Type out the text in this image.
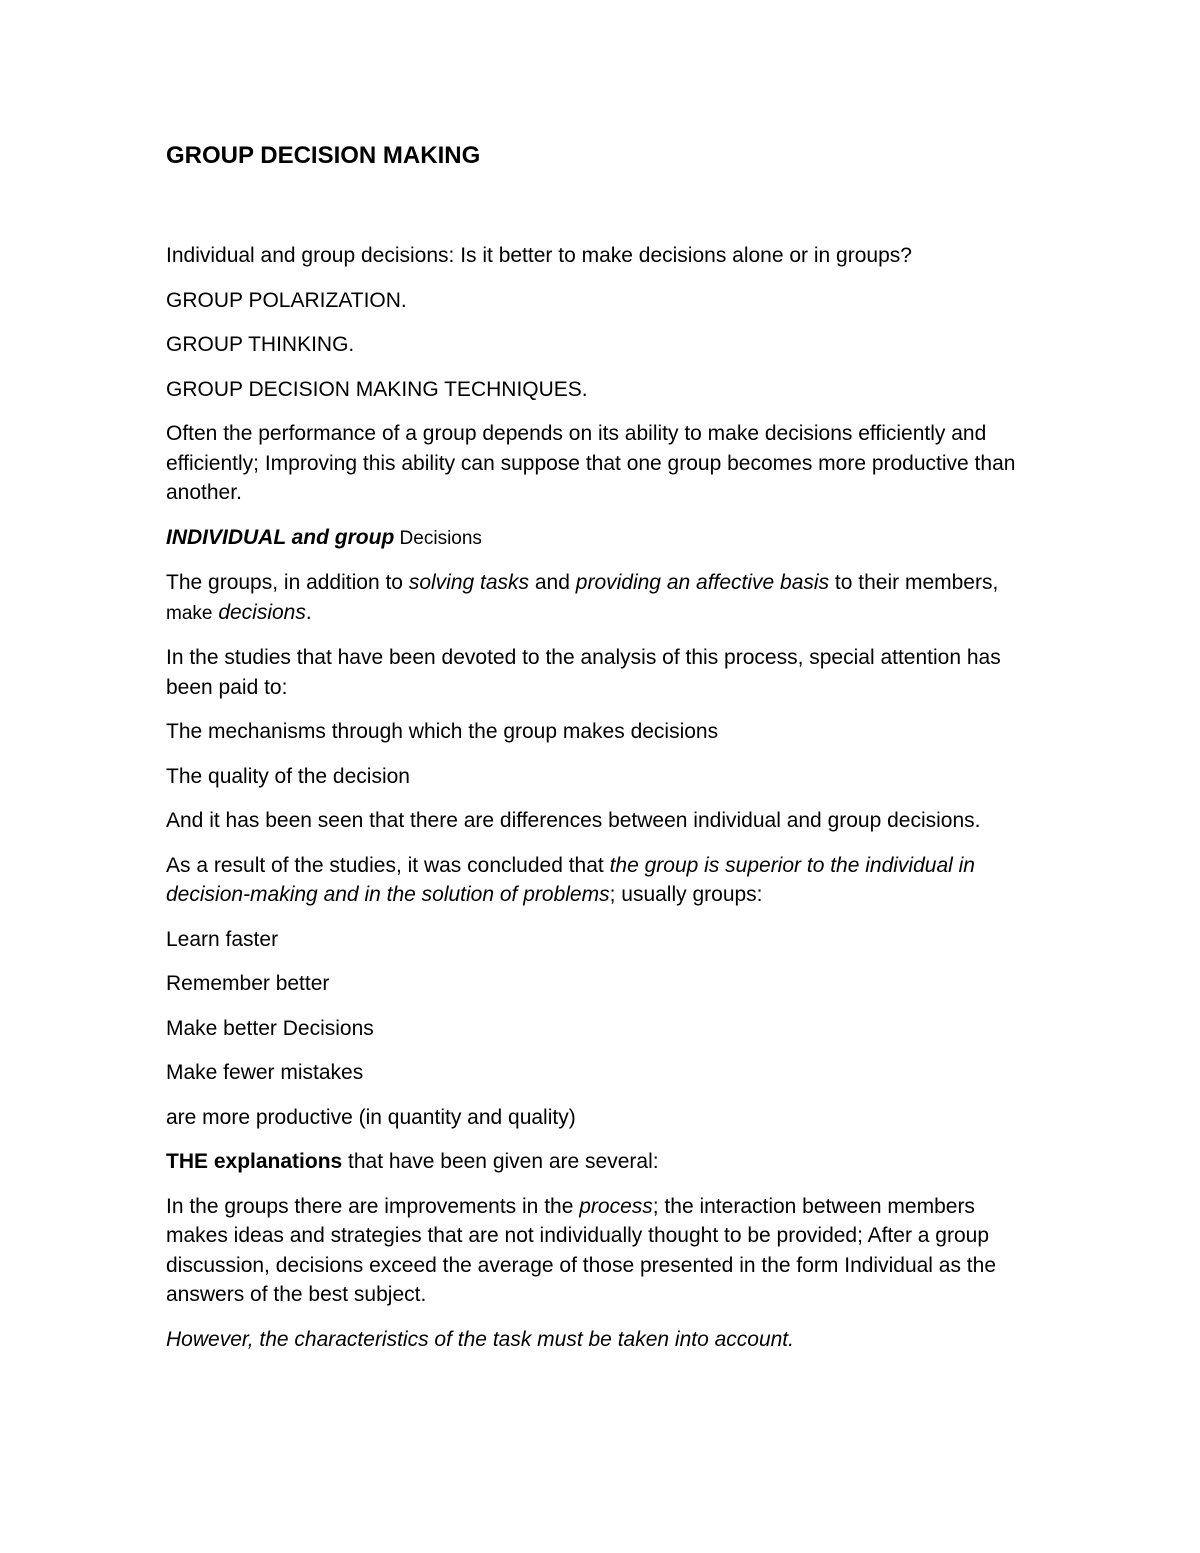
GROUP DECISION MAKING

Individual and group decisions: Is it better to make decisions alone or in groups?

GROUP POLARIZATION.

GROUP THINKING.

GROUP DECISION MAKING TECHNIQUES.

Often the performance of a group depends on its ability to make decisions efficiently and efficiently; Improving this ability can suppose that one group becomes more productive than another.

INDIVIDUAL and group Decisions

The groups, in addition to solving tasks and providing an affective basis to their members, make decisions.

In the studies that have been devoted to the analysis of this process, special attention has been paid to:

The mechanisms through which the group makes decisions

The quality of the decision

And it has been seen that there are differences between individual and group decisions.

As a result of the studies, it was concluded that the group is superior to the individual in decision-making and in the solution of problems; usually groups:

Learn faster

Remember better

Make better Decisions

Make fewer mistakes

are more productive (in quantity and quality)

THE explanations that have been given are several:

In the groups there are improvements in the process; the interaction between members makes ideas and strategies that are not individually thought to be provided; After a group discussion, decisions exceed the average of those presented in the form Individual as the answers of the best subject.

However, the characteristics of the task must be taken into account.
